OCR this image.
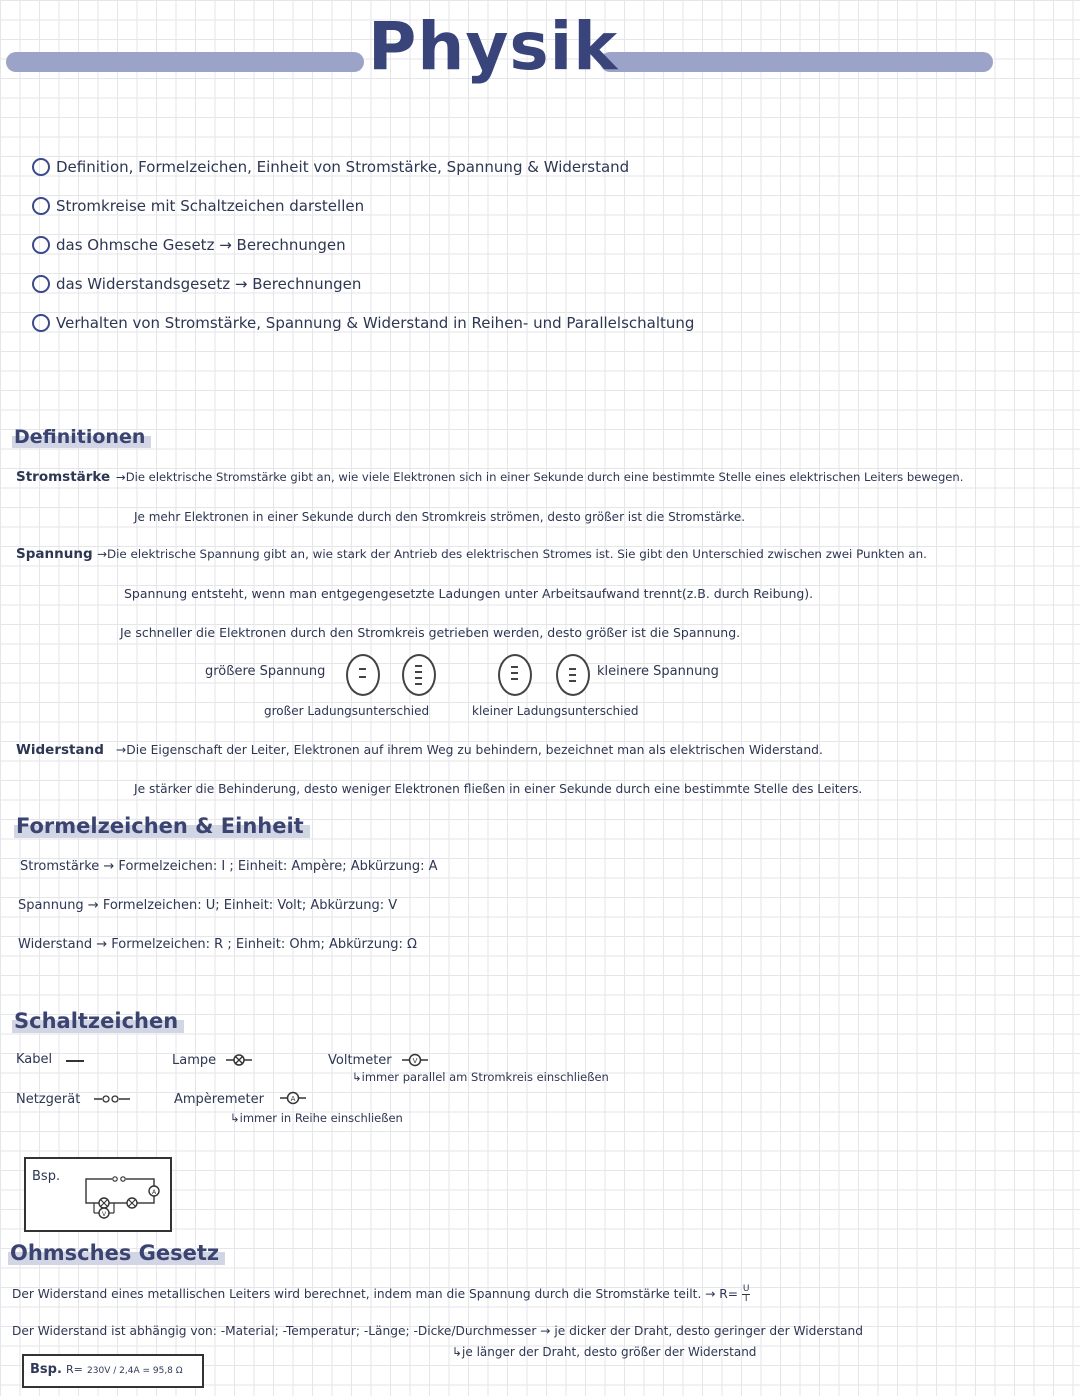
Physik
Definition, Formelzeichen, Einheit von Stromstärke, Spannung & Widerstand
Stromkreise mit Schaltzeichen darstellen
das Ohmsche Gesetz → Berechnungen
das Widerstandsgesetz → Berechnungen
Verhalten von Stromstärke, Spannung & Widerstand in Reihen- und Parallelschaltung
Definitionen
Stromstärke →Die elektrische Stromstärke gibt an, wie viele Elektronen sich in einer Sekunde durch eine bestimmte Stelle eines elektrischen Leiters bewegen.
Je mehr Elektronen in einer Sekunde durch den Stromkreis strömen, desto größer ist die Stromstärke.
Spannung →Die elektrische Spannung gibt an, wie stark der Antrieb des elektrischen Stromes ist. Sie gibt den Unterschied zwischen zwei Punkten an.
Spannung entsteht, wenn man entgegengesetzte Ladungen unter Arbeitsaufwand trennt(z.B. durch Reibung).
Je schneller die Elektronen durch den Stromkreis getrieben werden, desto größer ist die Spannung.
größere Spannung	kleinere Spannung
großer Ladungsunterschied	kleiner Ladungsunterschied
Widerstand →Die Eigenschaft der Leiter, Elektronen auf ihrem Weg zu behindern, bezeichnet man als elektrischen Widerstand.
Je stärker die Behinderung, desto weniger Elektronen fließen in einer Sekunde durch eine bestimmte Stelle des Leiters.
Formelzeichen & Einheit
Stromstärke → Formelzeichen: I ; Einheit: Ampère; Abkürzung: A
Spannung → Formelzeichen: U; Einheit: Volt; Abkürzung: V
Widerstand → Formelzeichen: R ; Einheit: Ohm; Abkürzung: Ω
Schaltzeichen
Kabel
Netzgerät
Lampe
Ampèremeter	A
↳immer in Reihe einschließen
Voltmeter	V
↳immer parallel am Stromkreis einschließen
Bsp.
A
V
Ohmsches Gesetz
Der Widerstand eines metallischen Leiters wird berechnet, indem man die Spannung durch die Stromstärke teilt. → $R= \frac{U}{I}$
Der Widerstand ist abhängig von: -Material; -Temperatur; -Länge; -Dicke/Durchmesser → je dicker der Draht, desto geringer der Widerstand
↳je länger der Draht, desto größer der Widerstand
Bsp. R= 230V / 2,4A = 95,8 Ω
